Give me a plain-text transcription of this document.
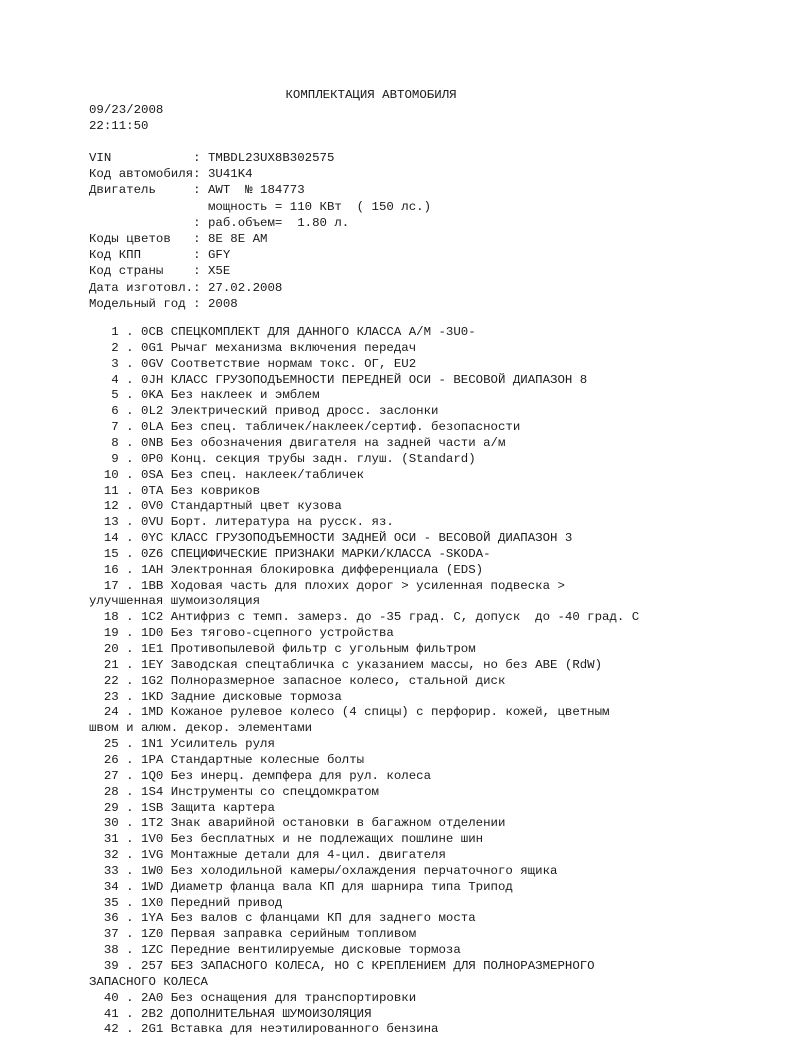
КОМПЛЕКТАЦИЯ АВТОМОБИЛЯ
09/23/2008
22:11:50
VIN           : TMBDL23UX8B302575
Код автомобиля: 3U41K4
Двигатель     : AWT  № 184773
мощность = 110 КВт  ( 150 лс.)
: раб.объем=  1.80 л.
Коды цветов   : 8E 8E AM
Код КПП       : GFY
Код страны    : X5E
Дата изготовл.: 27.02.2008
Модельный год : 2008
1 . 0CB СПЕЦКОМПЛЕКТ ДЛЯ ДАННОГО КЛАССА А/М -3U0-
2 . 0G1 Рычаг механизма включения передач
3 . 0GV Соответствие нормам токс. ОГ, EU2
4 . 0JH КЛАСС ГРУЗОПОДЪЕМНОСТИ ПЕРЕДНЕЙ ОСИ - ВЕСОВОЙ ДИАПАЗОН 8
5 . 0KA Без наклеек и эмблем
6 . 0L2 Электрический привод дросс. заслонки
7 . 0LA Без спец. табличек/наклеек/сертиф. безопасности
8 . 0NB Без обозначения двигателя на задней части а/м
9 . 0P0 Конц. секция трубы задн. глуш. (Standard)
10 . 0SA Без спец. наклеек/табличек
11 . 0TA Без ковриков
12 . 0V0 Стандартный цвет кузова
13 . 0VU Борт. литература на русск. яз.
14 . 0YC КЛАСС ГРУЗОПОДЪЕМНОСТИ ЗАДНЕЙ ОСИ - ВЕСОВОЙ ДИАПАЗОН 3
15 . 0Z6 СПЕЦИФИЧЕСКИЕ ПРИЗНАКИ МАРКИ/КЛАССА -SKODA-
16 . 1AH Электронная блокировка дифференциала (EDS)
17 . 1BB Ходовая часть для плохих дорог > усиленная подвеска >
улучшенная шумоизоляция
18 . 1C2 Антифриз с темп. замерз. до -35 град. С, допуск  до -40 град. С
19 . 1D0 Без тягово-сцепного устройства
20 . 1E1 Противопылевой фильтр с угольным фильтром
21 . 1EY Заводская спецтабличка с указанием массы, но без ABE (RdW)
22 . 1G2 Полноразмерное запасное колесо, стальной диск
23 . 1KD Задние дисковые тормоза
24 . 1MD Кожаное рулевое колесо (4 спицы) с перфорир. кожей, цветным
швом и алюм. декор. элементами
25 . 1N1 Усилитель руля
26 . 1PA Стандартные колесные болты
27 . 1Q0 Без инерц. демпфера для рул. колеса
28 . 1S4 Инструменты со спецдомкратом
29 . 1SB Защита картера
30 . 1T2 Знак аварийной остановки в багажном отделении
31 . 1V0 Без бесплатных и не подлежащих пошлине шин
32 . 1VG Монтажные детали для 4-цил. двигателя
33 . 1W0 Без холодильной камеры/охлаждения перчаточного ящика
34 . 1WD Диаметр фланца вала КП для шарнира типа Трипод
35 . 1X0 Передний привод
36 . 1YA Без валов с фланцами КП для заднего моста
37 . 1Z0 Первая заправка серийным топливом
38 . 1ZC Передние вентилируемые дисковые тормоза
39 . 257 БЕЗ ЗАПАСНОГО КОЛЕСА, НО С КРЕПЛЕНИЕМ ДЛЯ ПОЛНОРАЗМЕРНОГО
ЗАПАСНОГО КОЛЕСА
40 . 2A0 Без оснащения для транспортировки
41 . 2B2 ДОПОЛНИТЕЛЬНАЯ ШУМОИЗОЛЯЦИЯ
42 . 2G1 Вставка для неэтилированного бензина
